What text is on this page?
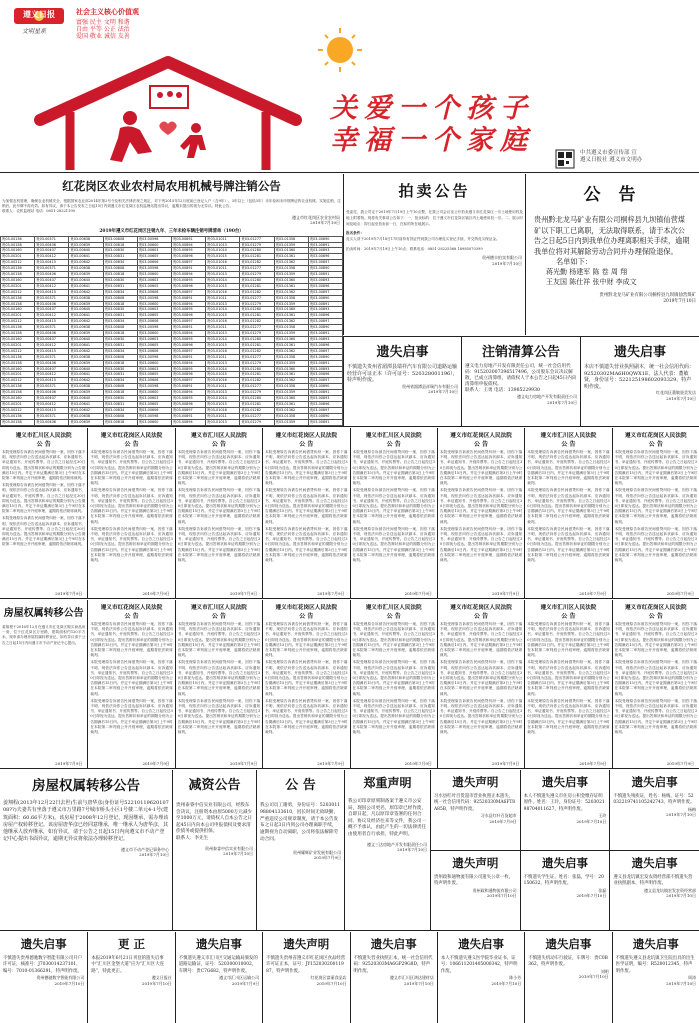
遵义日报
文明星系
社会主义核心价值观
富强 民主 文明 和谐
自由 平等 公正 法治
爱国 敬业 诚信 友善
关爱一个孩子
幸福一个家庭	中共遵义市委宣传部 宣
遵义日报社 遵义市文明办
红花岗区农业农村局农用机械号牌注销公告
为加强农机管理，确保农业机械安全，根据国家农业部2014年第2号令及相关法律法规之规定，对下列2015年12月底前已登记入户（含9年）、3年以上（包括3年）未年检和未申领牌证的农业机械，实施注销，注销后，此号牌不再有效。如有异议，请于本公告发布之日起15日内到遵义市红花岗区农机监理站提出异议，逾期未提出的视为无异议。特此公告。
联系人：农机监理站 电话：0851-28221190
遵义市红花岗区农业农村局
2019年7月10日
2019年遵义市红花岗区注销九年、三年未检车辆注销号牌清单（190台）
贵03-00136	贵03-00371	贵03-00638	贵03-00808	贵03-00598	贵03-00891	贵03-01011	贵03-01277	贵03-01358	贵03-00890
贵03-00158	贵03-00406	贵03-00639	贵03-00818	贵03-00600	贵03-00894	贵03-01013	贵03-01279	贵03-01359	贵03-00891
贵03-00160	贵03-00407	贵03-00640	贵03-00830	贵03-00603	贵03-00895	贵03-01014	贵03-01280	贵03-01360	贵03-00893
贵03-00201	贵03-00412	贵03-00641	贵03-00831	贵03-00605	贵03-00896	贵03-01015	贵03-01281	贵03-01361	贵03-00896
贵03-00212	贵03-00415	贵03-00642	贵03-00834	贵03-00606	贵03-00897	贵03-01016	贵03-01282	贵03-01362	贵03-00897
贵03-00136	贵03-00371	贵03-00638	贵03-00808	贵03-00598	贵03-00891	贵03-01011	贵03-01277	贵03-01358	贵03-00890
贵03-00158	贵03-00406	贵03-00639	贵03-00818	贵03-00600	贵03-00894	贵03-01013	贵03-01279	贵03-01359	贵03-00891
贵03-00160	贵03-00407	贵03-00640	贵03-00830	贵03-00603	贵03-00895	贵03-01014	贵03-01280	贵03-01360	贵03-00893
贵03-00201	贵03-00412	贵03-00641	贵03-00831	贵03-00605	贵03-00896	贵03-01015	贵03-01281	贵03-01361	贵03-00896
贵03-00212	贵03-00415	贵03-00642	贵03-00834	贵03-00606	贵03-00897	贵03-01016	贵03-01282	贵03-01362	贵03-00897
贵03-00136	贵03-00371	贵03-00638	贵03-00808	贵03-00598	贵03-00891	贵03-01011	贵03-01277	贵03-01358	贵03-00890
贵03-00158	贵03-00406	贵03-00639	贵03-00818	贵03-00600	贵03-00894	贵03-01013	贵03-01279	贵03-01359	贵03-00891
贵03-00160	贵03-00407	贵03-00640	贵03-00830	贵03-00603	贵03-00895	贵03-01014	贵03-01280	贵03-01360	贵03-00893
贵03-00201	贵03-00412	贵03-00641	贵03-00831	贵03-00605	贵03-00896	贵03-01015	贵03-01281	贵03-01361	贵03-00896
贵03-00212	贵03-00415	贵03-00642	贵03-00834	贵03-00606	贵03-00897	贵03-01016	贵03-01282	贵03-01362	贵03-00897
贵03-00136	贵03-00371	贵03-00638	贵03-00808	贵03-00598	贵03-00891	贵03-01011	贵03-01277	贵03-01358	贵03-00890
贵03-00158	贵03-00406	贵03-00639	贵03-00818	贵03-00600	贵03-00894	贵03-01013	贵03-01279	贵03-01359	贵03-00891
贵03-00160	贵03-00407	贵03-00640	贵03-00830	贵03-00603	贵03-00895	贵03-01014	贵03-01280	贵03-01360	贵03-00893
贵03-00201	贵03-00412	贵03-00641	贵03-00831	贵03-00605	贵03-00896	贵03-01015	贵03-01281	贵03-01361	贵03-00896
贵03-00212	贵03-00415	贵03-00642	贵03-00834	贵03-00606	贵03-00897	贵03-01016	贵03-01282	贵03-01362	贵03-00897
贵03-00136	贵03-00371	贵03-00638	贵03-00808	贵03-00598	贵03-00891	贵03-01011	贵03-01277	贵03-01358	贵03-00890
贵03-00158	贵03-00406	贵03-00639	贵03-00818	贵03-00600	贵03-00894	贵03-01013	贵03-01279	贵03-01359	贵03-00891
贵03-00160	贵03-00407	贵03-00640	贵03-00830	贵03-00603	贵03-00895	贵03-01014	贵03-01280	贵03-01360	贵03-00893
贵03-00201	贵03-00412	贵03-00641	贵03-00831	贵03-00605	贵03-00896	贵03-01015	贵03-01281	贵03-01361	贵03-00896
贵03-00212	贵03-00415	贵03-00642	贵03-00834	贵03-00606	贵03-00897	贵03-01016	贵03-01282	贵03-01362	贵03-00897
贵03-00136	贵03-00371	贵03-00638	贵03-00808	贵03-00598	贵03-00891	贵03-01011	贵03-01277	贵03-01358	贵03-00890
贵03-00158	贵03-00406	贵03-00639	贵03-00818	贵03-00600	贵03-00894	贵03-01013	贵03-01279	贵03-01359	贵03-00891
贵03-00160	贵03-00407	贵03-00640	贵03-00830	贵03-00603	贵03-00895	贵03-01014	贵03-01280	贵03-01360	贵03-00893
贵03-00201	贵03-00412	贵03-00641	贵03-00831	贵03-00605	贵03-00896	贵03-01015	贵03-01281	贵03-01361	贵03-00896
贵03-00212	贵03-00415	贵03-00642	贵03-00834	贵03-00606	贵03-00897	贵03-01016	贵03-01282	贵03-01362	贵03-00897
贵03-00136	贵03-00371	贵03-00638	贵03-00808	贵03-00598	贵03-00891	贵03-01011	贵03-01277	贵03-01358	贵03-00890
贵03-00158	贵03-00406	贵03-00639	贵03-00818	贵03-00600	贵03-00894	贵03-01013	贵03-01279	贵03-01359	贵03-00891

拍卖公告
受委托，我公司定于2019年7月19日上午10点整，在我公司会议室公开拍卖遵义市红花岗区一宗土地使用权及地上附着物。现将有关事项公告如下：一、拍卖标的：位于遵义市红花岗区辖区内土地使用权一宗。二、展示时间及地点：即日起至拍卖前一日，在标的所在地展示。
报名条件：
竞买人须于2019年7月18日17时前持有效证件到我公司办理竞买登记手续，并交纳竞买保证金。
拍卖时间：2019年7月19日上午10点；联系电话：0851-28225568 18985070399
贵州德丰拍卖有限公司
2019年7月10日
公 告
贵州黔北龙马矿业有限公司桐梓县九坝镇仙营煤矿以下职工已离职，无法取得联系，请于本次公告之日起5日内到我单位办理离职相关手续，逾期我单位将对其解除劳动合同并办理保险退保。
名单如下：
蒋光勤 杨建军 陈 卷 周 翔
王友国 陈仕祥 张中财 李成文
贵州黔北龙马矿业有限公司桐梓县九坝镇仙营煤矿
2019年7月10日
遗失启事
不慎遗失贵州省湄潭县瑞祥汽车有限公司道路运输经营许可证正本（许可证号：520328001196），特声明作废。
贵州省湄潭县祥瑞汽车有限公司
2019年7月10日
注销清算公告
遵义电力房地产开发有限责任公司，统一社会信用代码：915203007396517496，公司股东会议决议解散，已成立清算组，请债权人于本公告之日起45日内向清算组申报债权。
联系人：王勇 电话：13985229930
遵义电力房地产开发有限责任公司
2019年7月10日
遗失启事
本店不慎遗失营业执照副本，统一社会信用代码：92520302MA6H0QWX1E，法人代表：董敏贤，身份证号：522125198602093329，特声明作废。
红花岗区董敏贤美发店
2019年7月10日
遵义市汇川区人民法院
公 告
本院受理原告诉被告民间借贷纠纷一案，因你下落不明，现依法向你公告送达起诉状副本、应诉通知书、举证通知书、开庭传票等。自公告之日起经过30日即视为送达。提出答辩状和举证的期限分别为公告期满后15日内。并定于举证期满后第3日上午9时在本院第二审判庭公开开庭审理，逾期将依法缺席裁判。
本院受理原告诉被告民间借贷纠纷一案，因你下落不明，现依法向你公告送达起诉状副本、应诉通知书、举证通知书、开庭传票等。自公告之日起经过30日即视为送达。提出答辩状和举证的期限分别为公告期满后15日内。并定于举证期满后第3日上午9时在本院第二审判庭公开开庭审理，逾期将依法缺席裁判。
本院受理原告诉被告民间借贷纠纷一案，因你下落不明，现依法向你公告送达起诉状副本、应诉通知书、举证通知书、开庭传票等。自公告之日起经过30日即视为送达。提出答辩状和举证的期限分别为公告期满后15日内。并定于举证期满后第3日上午9时在本院第二审判庭公开开庭审理，逾期将依法缺席裁判。
2019年7月9日
遵义市红花岗区人民法院
公 告
本院受理原告诉被告民间借贷纠纷一案，因你下落不明，现依法向你公告送达起诉状副本、应诉通知书、举证通知书、开庭传票等。自公告之日起经过30日即视为送达。提出答辩状和举证的期限分别为公告期满后15日内。并定于举证期满后第3日上午9时在本院第二审判庭公开开庭审理，逾期将依法缺席裁判。
本院受理原告诉被告民间借贷纠纷一案，因你下落不明，现依法向你公告送达起诉状副本、应诉通知书、举证通知书、开庭传票等。自公告之日起经过30日即视为送达。提出答辩状和举证的期限分别为公告期满后15日内。并定于举证期满后第3日上午9时在本院第二审判庭公开开庭审理，逾期将依法缺席裁判。
本院受理原告诉被告民间借贷纠纷一案，因你下落不明，现依法向你公告送达起诉状副本、应诉通知书、举证通知书、开庭传票等。自公告之日起经过30日即视为送达。提出答辩状和举证的期限分别为公告期满后15日内。并定于举证期满后第3日上午9时在本院第二审判庭公开开庭审理，逾期将依法缺席裁判。
2019年7月9日
遵义市汇川区人民法院
公 告
本院受理原告诉被告民间借贷纠纷一案，因你下落不明，现依法向你公告送达起诉状副本、应诉通知书、举证通知书、开庭传票等。自公告之日起经过30日即视为送达。提出答辩状和举证的期限分别为公告期满后15日内。并定于举证期满后第3日上午9时在本院第二审判庭公开开庭审理，逾期将依法缺席裁判。
本院受理原告诉被告民间借贷纠纷一案，因你下落不明，现依法向你公告送达起诉状副本、应诉通知书、举证通知书、开庭传票等。自公告之日起经过30日即视为送达。提出答辩状和举证的期限分别为公告期满后15日内。并定于举证期满后第3日上午9时在本院第二审判庭公开开庭审理，逾期将依法缺席裁判。
本院受理原告诉被告民间借贷纠纷一案，因你下落不明，现依法向你公告送达起诉状副本、应诉通知书、举证通知书、开庭传票等。自公告之日起经过30日即视为送达。提出答辩状和举证的期限分别为公告期满后15日内。并定于举证期满后第3日上午9时在本院第二审判庭公开开庭审理，逾期将依法缺席裁判。
2019年7月9日
遵义市红花岗区人民法院
公 告
本院受理原告诉被告民间借贷纠纷一案，因你下落不明，现依法向你公告送达起诉状副本、应诉通知书、举证通知书、开庭传票等。自公告之日起经过30日即视为送达。提出答辩状和举证的期限分别为公告期满后15日内。并定于举证期满后第3日上午9时在本院第二审判庭公开开庭审理，逾期将依法缺席裁判。
本院受理原告诉被告民间借贷纠纷一案，因你下落不明，现依法向你公告送达起诉状副本、应诉通知书、举证通知书、开庭传票等。自公告之日起经过30日即视为送达。提出答辩状和举证的期限分别为公告期满后15日内。并定于举证期满后第3日上午9时在本院第二审判庭公开开庭审理，逾期将依法缺席裁判。
本院受理原告诉被告民间借贷纠纷一案，因你下落不明，现依法向你公告送达起诉状副本、应诉通知书、举证通知书、开庭传票等。自公告之日起经过30日即视为送达。提出答辩状和举证的期限分别为公告期满后15日内。并定于举证期满后第3日上午9时在本院第二审判庭公开开庭审理，逾期将依法缺席裁判。
2019年7月9日
遵义市汇川区人民法院
公 告
本院受理原告诉被告民间借贷纠纷一案，因你下落不明，现依法向你公告送达起诉状副本、应诉通知书、举证通知书、开庭传票等。自公告之日起经过30日即视为送达。提出答辩状和举证的期限分别为公告期满后15日内。并定于举证期满后第3日上午9时在本院第二审判庭公开开庭审理，逾期将依法缺席裁判。
本院受理原告诉被告民间借贷纠纷一案，因你下落不明，现依法向你公告送达起诉状副本、应诉通知书、举证通知书、开庭传票等。自公告之日起经过30日即视为送达。提出答辩状和举证的期限分别为公告期满后15日内。并定于举证期满后第3日上午9时在本院第二审判庭公开开庭审理，逾期将依法缺席裁判。
本院受理原告诉被告民间借贷纠纷一案，因你下落不明，现依法向你公告送达起诉状副本、应诉通知书、举证通知书、开庭传票等。自公告之日起经过30日即视为送达。提出答辩状和举证的期限分别为公告期满后15日内。并定于举证期满后第3日上午9时在本院第二审判庭公开开庭审理，逾期将依法缺席裁判。
2019年7月9日
遵义市红花岗区人民法院
公 告
本院受理原告诉被告民间借贷纠纷一案，因你下落不明，现依法向你公告送达起诉状副本、应诉通知书、举证通知书、开庭传票等。自公告之日起经过30日即视为送达。提出答辩状和举证的期限分别为公告期满后15日内。并定于举证期满后第3日上午9时在本院第二审判庭公开开庭审理，逾期将依法缺席裁判。
本院受理原告诉被告民间借贷纠纷一案，因你下落不明，现依法向你公告送达起诉状副本、应诉通知书、举证通知书、开庭传票等。自公告之日起经过30日即视为送达。提出答辩状和举证的期限分别为公告期满后15日内。并定于举证期满后第3日上午9时在本院第二审判庭公开开庭审理，逾期将依法缺席裁判。
本院受理原告诉被告民间借贷纠纷一案，因你下落不明，现依法向你公告送达起诉状副本、应诉通知书、举证通知书、开庭传票等。自公告之日起经过30日即视为送达。提出答辩状和举证的期限分别为公告期满后15日内。并定于举证期满后第3日上午9时在本院第二审判庭公开开庭审理，逾期将依法缺席裁判。
2019年7月9日
遵义市汇川区人民法院
公 告
本院受理原告诉被告民间借贷纠纷一案，因你下落不明，现依法向你公告送达起诉状副本、应诉通知书、举证通知书、开庭传票等。自公告之日起经过30日即视为送达。提出答辩状和举证的期限分别为公告期满后15日内。并定于举证期满后第3日上午9时在本院第二审判庭公开开庭审理，逾期将依法缺席裁判。
本院受理原告诉被告民间借贷纠纷一案，因你下落不明，现依法向你公告送达起诉状副本、应诉通知书、举证通知书、开庭传票等。自公告之日起经过30日即视为送达。提出答辩状和举证的期限分别为公告期满后15日内。并定于举证期满后第3日上午9时在本院第二审判庭公开开庭审理，逾期将依法缺席裁判。
本院受理原告诉被告民间借贷纠纷一案，因你下落不明，现依法向你公告送达起诉状副本、应诉通知书、举证通知书、开庭传票等。自公告之日起经过30日即视为送达。提出答辩状和举证的期限分别为公告期满后15日内。并定于举证期满后第3日上午9时在本院第二审判庭公开开庭审理，逾期将依法缺席裁判。
2019年7月9日
遵义市红花岗区人民法院
公 告
本院受理原告诉被告民间借贷纠纷一案，因你下落不明，现依法向你公告送达起诉状副本、应诉通知书、举证通知书、开庭传票等。自公告之日起经过30日即视为送达。提出答辩状和举证的期限分别为公告期满后15日内。并定于举证期满后第3日上午9时在本院第二审判庭公开开庭审理，逾期将依法缺席裁判。
本院受理原告诉被告民间借贷纠纷一案，因你下落不明，现依法向你公告送达起诉状副本、应诉通知书、举证通知书、开庭传票等。自公告之日起经过30日即视为送达。提出答辩状和举证的期限分别为公告期满后15日内。并定于举证期满后第3日上午9时在本院第二审判庭公开开庭审理，逾期将依法缺席裁判。
本院受理原告诉被告民间借贷纠纷一案，因你下落不明，现依法向你公告送达起诉状副本、应诉通知书、举证通知书、开庭传票等。自公告之日起经过30日即视为送达。提出答辩状和举证的期限分别为公告期满后15日内。并定于举证期满后第3日上午9时在本院第二审判庭公开开庭审理，逾期将依法缺席裁判。
2019年7月9日
房屋权属转移公告
姜翔程于2016年12月在遵义市红花岗区购买商品房一套，位于红花岗区万里路，建筑面积约120平方米，现申请办理房屋权属转移登记，如有异议请于公告之日起15日内向遵义市不动产登记中心提出。
2019年7月9日
遵义市红花岗区人民法院
公 告
本院受理原告诉被告民间借贷纠纷一案，因你下落不明，现依法向你公告送达起诉状副本、应诉通知书、举证通知书、开庭传票等。自公告之日起经过30日即视为送达。提出答辩状和举证的期限分别为公告期满后15日内。并定于举证期满后第3日上午9时在本院第二审判庭公开开庭审理，逾期将依法缺席裁判。
本院受理原告诉被告民间借贷纠纷一案，因你下落不明，现依法向你公告送达起诉状副本、应诉通知书、举证通知书、开庭传票等。自公告之日起经过30日即视为送达。提出答辩状和举证的期限分别为公告期满后15日内。并定于举证期满后第3日上午9时在本院第二审判庭公开开庭审理，逾期将依法缺席裁判。
本院受理原告诉被告民间借贷纠纷一案，因你下落不明，现依法向你公告送达起诉状副本、应诉通知书、举证通知书、开庭传票等。自公告之日起经过30日即视为送达。提出答辩状和举证的期限分别为公告期满后15日内。并定于举证期满后第3日上午9时在本院第二审判庭公开开庭审理，逾期将依法缺席裁判。
2019年7月9日
遵义市汇川区人民法院
公 告
本院受理原告诉被告民间借贷纠纷一案，因你下落不明，现依法向你公告送达起诉状副本、应诉通知书、举证通知书、开庭传票等。自公告之日起经过30日即视为送达。提出答辩状和举证的期限分别为公告期满后15日内。并定于举证期满后第3日上午9时在本院第二审判庭公开开庭审理，逾期将依法缺席裁判。
本院受理原告诉被告民间借贷纠纷一案，因你下落不明，现依法向你公告送达起诉状副本、应诉通知书、举证通知书、开庭传票等。自公告之日起经过30日即视为送达。提出答辩状和举证的期限分别为公告期满后15日内。并定于举证期满后第3日上午9时在本院第二审判庭公开开庭审理，逾期将依法缺席裁判。
本院受理原告诉被告民间借贷纠纷一案，因你下落不明，现依法向你公告送达起诉状副本、应诉通知书、举证通知书、开庭传票等。自公告之日起经过30日即视为送达。提出答辩状和举证的期限分别为公告期满后15日内。并定于举证期满后第3日上午9时在本院第二审判庭公开开庭审理，逾期将依法缺席裁判。
2019年7月9日
遵义市红花岗区人民法院
公 告
本院受理原告诉被告民间借贷纠纷一案，因你下落不明，现依法向你公告送达起诉状副本、应诉通知书、举证通知书、开庭传票等。自公告之日起经过30日即视为送达。提出答辩状和举证的期限分别为公告期满后15日内。并定于举证期满后第3日上午9时在本院第二审判庭公开开庭审理，逾期将依法缺席裁判。
本院受理原告诉被告民间借贷纠纷一案，因你下落不明，现依法向你公告送达起诉状副本、应诉通知书、举证通知书、开庭传票等。自公告之日起经过30日即视为送达。提出答辩状和举证的期限分别为公告期满后15日内。并定于举证期满后第3日上午9时在本院第二审判庭公开开庭审理，逾期将依法缺席裁判。
本院受理原告诉被告民间借贷纠纷一案，因你下落不明，现依法向你公告送达起诉状副本、应诉通知书、举证通知书、开庭传票等。自公告之日起经过30日即视为送达。提出答辩状和举证的期限分别为公告期满后15日内。并定于举证期满后第3日上午9时在本院第二审判庭公开开庭审理，逾期将依法缺席裁判。
2019年7月9日
遵义市汇川区人民法院
公 告
本院受理原告诉被告民间借贷纠纷一案，因你下落不明，现依法向你公告送达起诉状副本、应诉通知书、举证通知书、开庭传票等。自公告之日起经过30日即视为送达。提出答辩状和举证的期限分别为公告期满后15日内。并定于举证期满后第3日上午9时在本院第二审判庭公开开庭审理，逾期将依法缺席裁判。
本院受理原告诉被告民间借贷纠纷一案，因你下落不明，现依法向你公告送达起诉状副本、应诉通知书、举证通知书、开庭传票等。自公告之日起经过30日即视为送达。提出答辩状和举证的期限分别为公告期满后15日内。并定于举证期满后第3日上午9时在本院第二审判庭公开开庭审理，逾期将依法缺席裁判。
本院受理原告诉被告民间借贷纠纷一案，因你下落不明，现依法向你公告送达起诉状副本、应诉通知书、举证通知书、开庭传票等。自公告之日起经过30日即视为送达。提出答辩状和举证的期限分别为公告期满后15日内。并定于举证期满后第3日上午9时在本院第二审判庭公开开庭审理，逾期将依法缺席裁判。
2019年7月9日
遵义市红花岗区人民法院
公 告
本院受理原告诉被告民间借贷纠纷一案，因你下落不明，现依法向你公告送达起诉状副本、应诉通知书、举证通知书、开庭传票等。自公告之日起经过30日即视为送达。提出答辩状和举证的期限分别为公告期满后15日内。并定于举证期满后第3日上午9时在本院第二审判庭公开开庭审理，逾期将依法缺席裁判。
本院受理原告诉被告民间借贷纠纷一案，因你下落不明，现依法向你公告送达起诉状副本、应诉通知书、举证通知书、开庭传票等。自公告之日起经过30日即视为送达。提出答辩状和举证的期限分别为公告期满后15日内。并定于举证期满后第3日上午9时在本院第二审判庭公开开庭审理，逾期将依法缺席裁判。
本院受理原告诉被告民间借贷纠纷一案，因你下落不明，现依法向你公告送达起诉状副本、应诉通知书、举证通知书、开庭传票等。自公告之日起经过30日即视为送达。提出答辩状和举证的期限分别为公告期满后15日内。并定于举证期满后第3日上午9时在本院第二审判庭公开开庭审理，逾期将依法缺席裁判。
2019年7月9日
遵义市汇川区人民法院
公 告
本院受理原告诉被告民间借贷纠纷一案，因你下落不明，现依法向你公告送达起诉状副本、应诉通知书、举证通知书、开庭传票等。自公告之日起经过30日即视为送达。提出答辩状和举证的期限分别为公告期满后15日内。并定于举证期满后第3日上午9时在本院第二审判庭公开开庭审理，逾期将依法缺席裁判。
本院受理原告诉被告民间借贷纠纷一案，因你下落不明，现依法向你公告送达起诉状副本、应诉通知书、举证通知书、开庭传票等。自公告之日起经过30日即视为送达。提出答辩状和举证的期限分别为公告期满后15日内。并定于举证期满后第3日上午9时在本院第二审判庭公开开庭审理，逾期将依法缺席裁判。
本院受理原告诉被告民间借贷纠纷一案，因你下落不明，现依法向你公告送达起诉状副本、应诉通知书、举证通知书、开庭传票等。自公告之日起经过30日即视为送达。提出答辩状和举证的期限分别为公告期满后15日内。并定于举证期满后第3日上午9时在本院第二审判庭公开开庭审理，逾期将依法缺席裁判。
2019年7月9日
遵义市红花岗区人民法院
公 告
本院受理原告诉被告民间借贷纠纷一案，因你下落不明，现依法向你公告送达起诉状副本、应诉通知书、举证通知书、开庭传票等。自公告之日起经过30日即视为送达。提出答辩状和举证的期限分别为公告期满后15日内。并定于举证期满后第3日上午9时在本院第二审判庭公开开庭审理，逾期将依法缺席裁判。
本院受理原告诉被告民间借贷纠纷一案，因你下落不明，现依法向你公告送达起诉状副本、应诉通知书、举证通知书、开庭传票等。自公告之日起经过30日即视为送达。提出答辩状和举证的期限分别为公告期满后15日内。并定于举证期满后第3日上午9时在本院第二审判庭公开开庭审理，逾期将依法缺席裁判。
本院受理原告诉被告民间借贷纠纷一案，因你下落不明，现依法向你公告送达起诉状副本、应诉通知书、举证通知书、开庭传票等。自公告之日起经过30日即视为送达。提出答辩状和举证的期限分别为公告期满后15日内。并定于举证期满后第3日上午9时在本院第二审判庭公开开庭审理，逾期将依法缺席裁判。
2019年7月9日
房屋权属转移公告
姜翔程(2013年12月22日去世)生前与唐华彦(身份证号5221011962010708??)夫妻共有坐落于遵义市万里路7号城市桥头小区1号楼二单元4-1号(建筑面积：60.66平方米)。该房屋于2008年12月登记，现因继承，需办理该房屋产权转移登记。该房屋唐华彦已经同意继承，唯一继承人为唐华彦，其他继承人放弃继承，如有异议，请于公告之日起15日内向遵义市不动产登记中心提出书面异议，逾期无异议将依法办理转移登记。
遵义市不动产登记事务中心
2019年7月10日
减资公告
贵州泰睿中信实业有限公司，经股东会决议，注册资本由原5000万元减少至1000万元，请债权人自本公告之日起45日内向本公司申报债权及要求清偿债务或提供担保。
联系人：李先生
贵州泰睿中信实业有限公司
2019年7月10日
公 告
我公司员工谢勇，身份证号：520301198804133610，因长时间无故缺勤，严重违反公司规章制度，请于本公告发布之日起3日内到公司办理离职手续，逾期视为自动离职，公司将依法解除劳动合同。
贵州耀辉矿业发展有限公司
2019年7月9日
郑重声明
我公司印章原刻制备案于遵义市公安局，现因公司更名，原印章已经作废，自即日起，凡以原印章签署的任何合同、协议及经济往来等文件，我公司一概不予承认，由此产生的一切法律责任由使用者自行承担，特此声明。
遵义三达房地产开发有限责任公司
2019年7月10日
遗失声明
习水县红叶百货超市营业执照正本遗失，统一社会信用代码：92520330MA6FT8A85B，特声明作废。
习水县红叶百货超市
2019年7月9日
遗失启事
本人不慎遗失遵义市住房公积金缴存证明原件，姓名：王玲，身份证号：520302198704011627，特声明作废。
王玲
2019年7月10日
遗失启事
不慎遗失残疾证，姓名：杨梅，证号：52032219741105242743，特声明作废。
杨梅
2019年7月10日
遗失声明
贵州政和通物流有限公司遗失公章一枚，特声明作废。
贵州政和通物流有限公司
2019年7月10日
遗失启事
不慎遗失学生证，姓名：张磊，学号：20150632，特声明作废。
张磊
2019年7月10日
遗失启事
遵义县龙坑镇宏发农资经营部不慎遗失营业执照副本，特声明作废。
遵义县龙坑镇宏发农资经营部
2019年7月10日
遗失启事
不慎遗失贵州德驰数字智能有限公司开户许可证，核准号：J7030014237101，编号：7010-01366291，特声明作废。
贵州德驰数字智能有限公司
2019年7月10日
更 正
本报2019年6月21日刊登的遗失启事中“汇川区金堡大道”应为“汇川区大连路”，特此更正。
遵义日报社
2019年7月10日
遗失启事
不慎遗失遵义市汇川区交通运输局颁发的道路运输证，证号：520300010002，车牌号：贵C7G682，特声明作废。
遵义市汇川区运输公司
2019年7月9日
遗失声明
不慎遗失贵州省遵义市红花岗区食品经营许可证正本，证号：JY15203020011987，特声明作废。
红花岗区富丽食品店
2019年7月10日
遗失启事
不慎遗失营业执照正本，统一社会信用代码：92520303MA6GP29G8D，特声明作废。
遵义市汇川区鸿达建材店
2019年7月10日
遗失启事
本人不慎遗失遵义医学院毕业证书，证号：106611201405000342，特声明作废。
陈小芳
2019年7月10日
遗失启事
不慎遗失机动车行驶证，车牌号：贵C0B362，特声明作废。
刘明
2019年7月10日
遗失启事
不慎遗失遵义县龙坑镇卫生院出具的出生医学证明，编号：R520012345，特声明作废。
周涛
2019年7月10日
